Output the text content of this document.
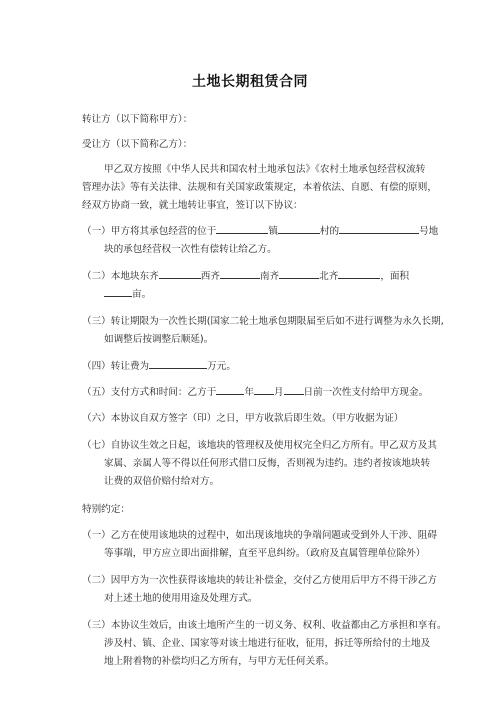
土地长期租赁合同
转让方（以下简称甲方）：
受让方（以下简称乙方）：
甲乙双方按照《中华人民共和国农村土地承包法》《农村土地承包经营权流转
管理办法》等有关法律、法规和有关国家政策规定，本着依法、自愿、有偿的原则，
经双方协商一致，就土地转让事宜，签订以下协议：
（一）甲方将其承包经营的位于	镇	村的	号地
块的承包经营权一次性有偿转让给乙方。
（二）本地块东齐	西齐	南齐	北齐	，面积
亩。
（三）转让期限为一次性长期(国家二轮土地承包期限届至后如不进行调整为永久长期,
如调整后按调整后顺延)。
（四）转让费为	万元。
（五）支付方式和时间：乙方于	年 月 日前一次性支付给甲方现金。
（六）本协议自双方签字（印）之日，甲方收款后即生效。（甲方收据为证）
（七）自协议生效之日起，该地块的管理权及使用权完全归乙方所有。甲乙双方及其
家属、亲属人等不得以任何形式借口反悔，否则视为违约。违约者按该地块转
让费的双倍价赔付给对方。
特别约定：
（一）乙方在使用该地块的过程中，如出现该地块的争端问题或受到外人干涉、阻碍
等事端，甲方应立即出面排解，直至平息纠纷。（政府及直属管理单位除外）
（二）因甲方为一次性获得该地块的转让补偿金，交付乙方使用后甲方不得干涉乙方
对上述土地的使用用途及处理方式。
（三）本协议生效后，由该土地所产生的一切义务、权利、收益都由乙方承担和享有。
涉及村、镇、企业、国家等对该土地进行征收，征用，拆迁等所给付的土地及
地上附着物的补偿均归乙方所有，与甲方无任何关系。
